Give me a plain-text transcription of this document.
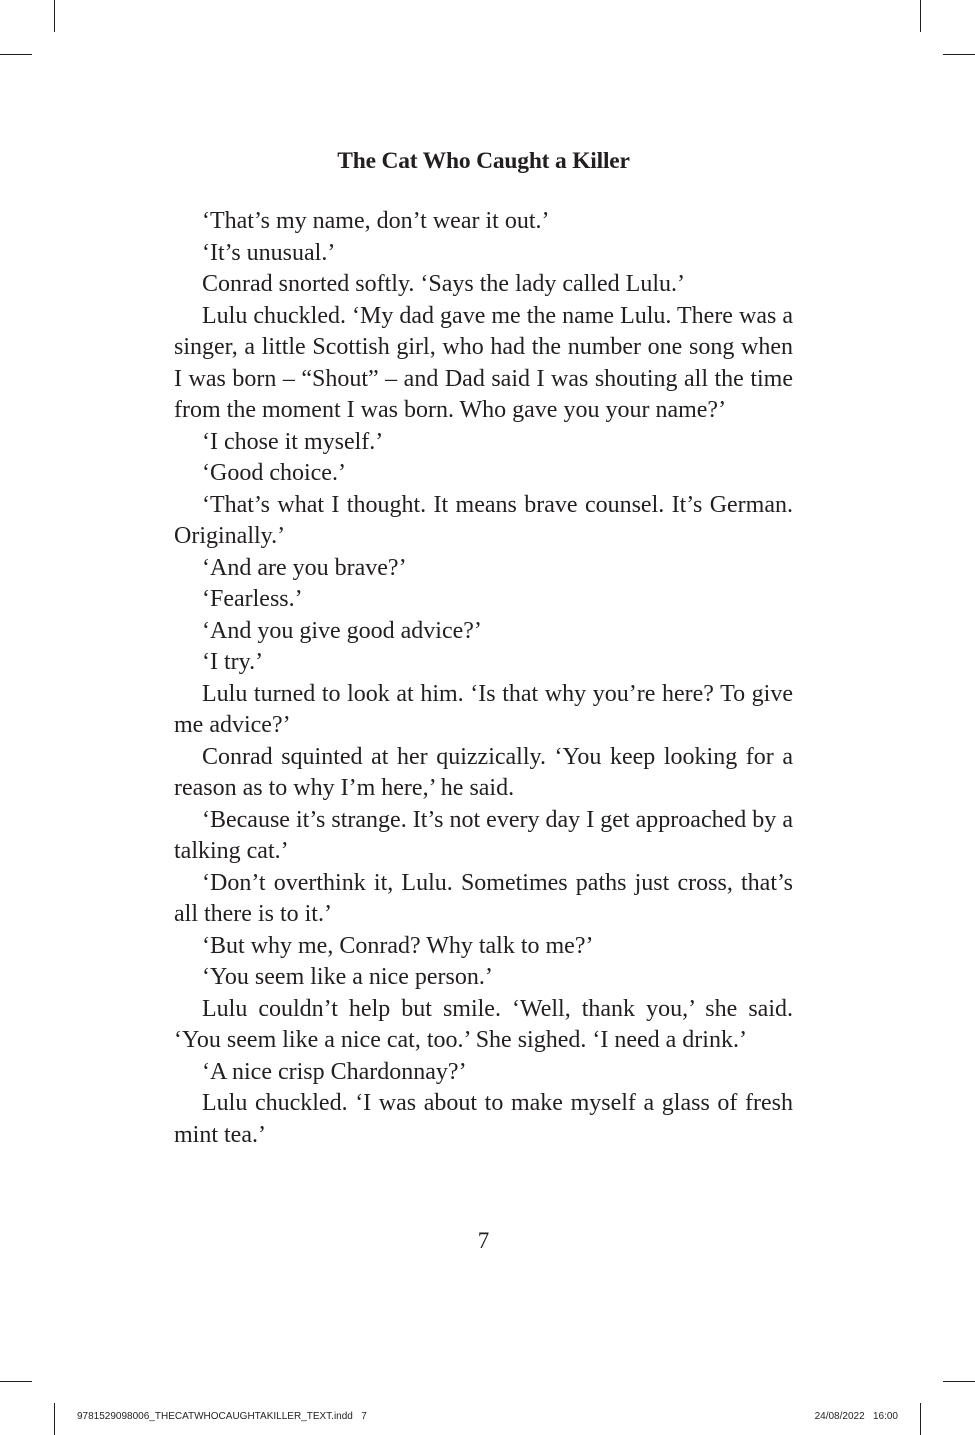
The Cat Who Caught a Killer

‘That’s my name, don’t wear it out.’

‘It’s unusual.’

Conrad snorted softly. ‘Says the lady called Lulu.’

Lulu chuckled. ‘My dad gave me the name Lulu. There was a singer, a little Scottish girl, who had the number one song when I was born – “Shout” – and Dad said I was shouting all the time from the moment I was born. Who gave you your name?’

‘I chose it myself.’

‘Good choice.’

‘That’s what I thought. It means brave counsel. It’s German. Originally.’

‘And are you brave?’

‘Fearless.’

‘And you give good advice?’

‘I try.’

Lulu turned to look at him. ‘Is that why you’re here? To give me advice?’

Conrad squinted at her quizzically. ‘You keep looking for a reason as to why I’m here,’ he said.

‘Because it’s strange. It’s not every day I get approached by a talking cat.’

‘Don’t overthink it, Lulu. Sometimes paths just cross, that’s all there is to it.’

‘But why me, Conrad? Why talk to me?’

‘You seem like a nice person.’

Lulu couldn’t help but smile. ‘Well, thank you,’ she said. ‘You seem like a nice cat, too.’ She sighed. ‘I need a drink.’

‘A nice crisp Chardonnay?’

Lulu chuckled. ‘I was about to make myself a glass of fresh mint tea.’

7
9781529098006_THECATWHOCAUGHTAKILLER_TEXT.indd   7	24/08/2022   16:00
